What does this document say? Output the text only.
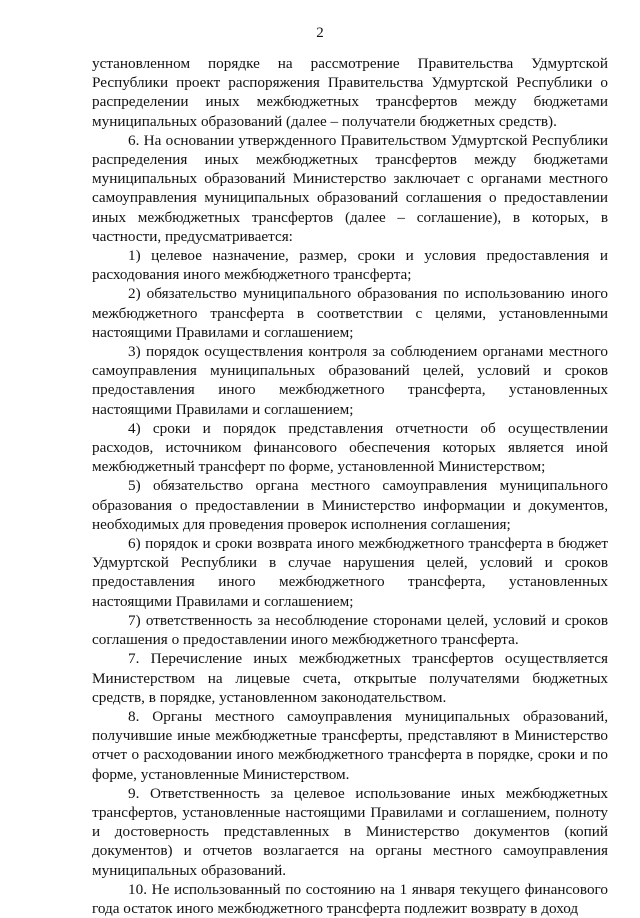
2

установленном порядке на рассмотрение Правительства Удмуртской Республики проект распоряжения Правительства Удмуртской Республики о распределении иных межбюджетных трансфертов между бюджетами муниципальных образований (далее – получатели бюджетных средств).

6. На основании утвержденного Правительством Удмуртской Республики распределения иных межбюджетных трансфертов между бюджетами муниципальных образований Министерство заключает с органами местного самоуправления муниципальных образований соглашения о предоставлении иных межбюджетных трансфертов (далее – соглашение), в которых, в частности, предусматривается:

1) целевое назначение, размер, сроки и условия предоставления и расходования иного межбюджетного трансферта;

2) обязательство муниципального образования по использованию иного межбюджетного трансферта в соответствии с целями, установленными настоящими Правилами и соглашением;

3) порядок осуществления контроля за соблюдением органами местного самоуправления муниципальных образований целей, условий и сроков предоставления иного межбюджетного трансферта, установленных настоящими Правилами и соглашением;

4) сроки и порядок представления отчетности об осуществлении расходов, источником финансового обеспечения которых является иной межбюджетный трансферт по форме, установленной Министерством;

5) обязательство органа местного самоуправления муниципального образования о предоставлении в Министерство информации и документов, необходимых для проведения проверок исполнения соглашения;

6) порядок и сроки возврата иного межбюджетного трансферта в бюджет Удмуртской Республики в случае нарушения целей, условий и сроков предоставления иного межбюджетного трансферта, установленных настоящими Правилами и соглашением;

7) ответственность за несоблюдение сторонами целей, условий и сроков соглашения о предоставлении иного межбюджетного трансферта.

7. Перечисление иных межбюджетных трансфертов осуществляется Министерством на лицевые счета, открытые получателями бюджетных средств, в порядке, установленном законодательством.

8. Органы местного самоуправления муниципальных образований, получившие иные межбюджетные трансферты, представляют в Министерство отчет о расходовании иного межбюджетного трансферта в порядке, сроки и по форме, установленные Министерством.

9. Ответственность за целевое использование иных межбюджетных трансфертов, установленные настоящими Правилами и соглашением, полноту и достоверность представленных в Министерство документов (копий документов) и отчетов возлагается на органы местного самоуправления муниципальных образований.

10. Не использованный по состоянию на 1 января текущего финансового года остаток иного межбюджетного трансферта подлежит возврату в доход
